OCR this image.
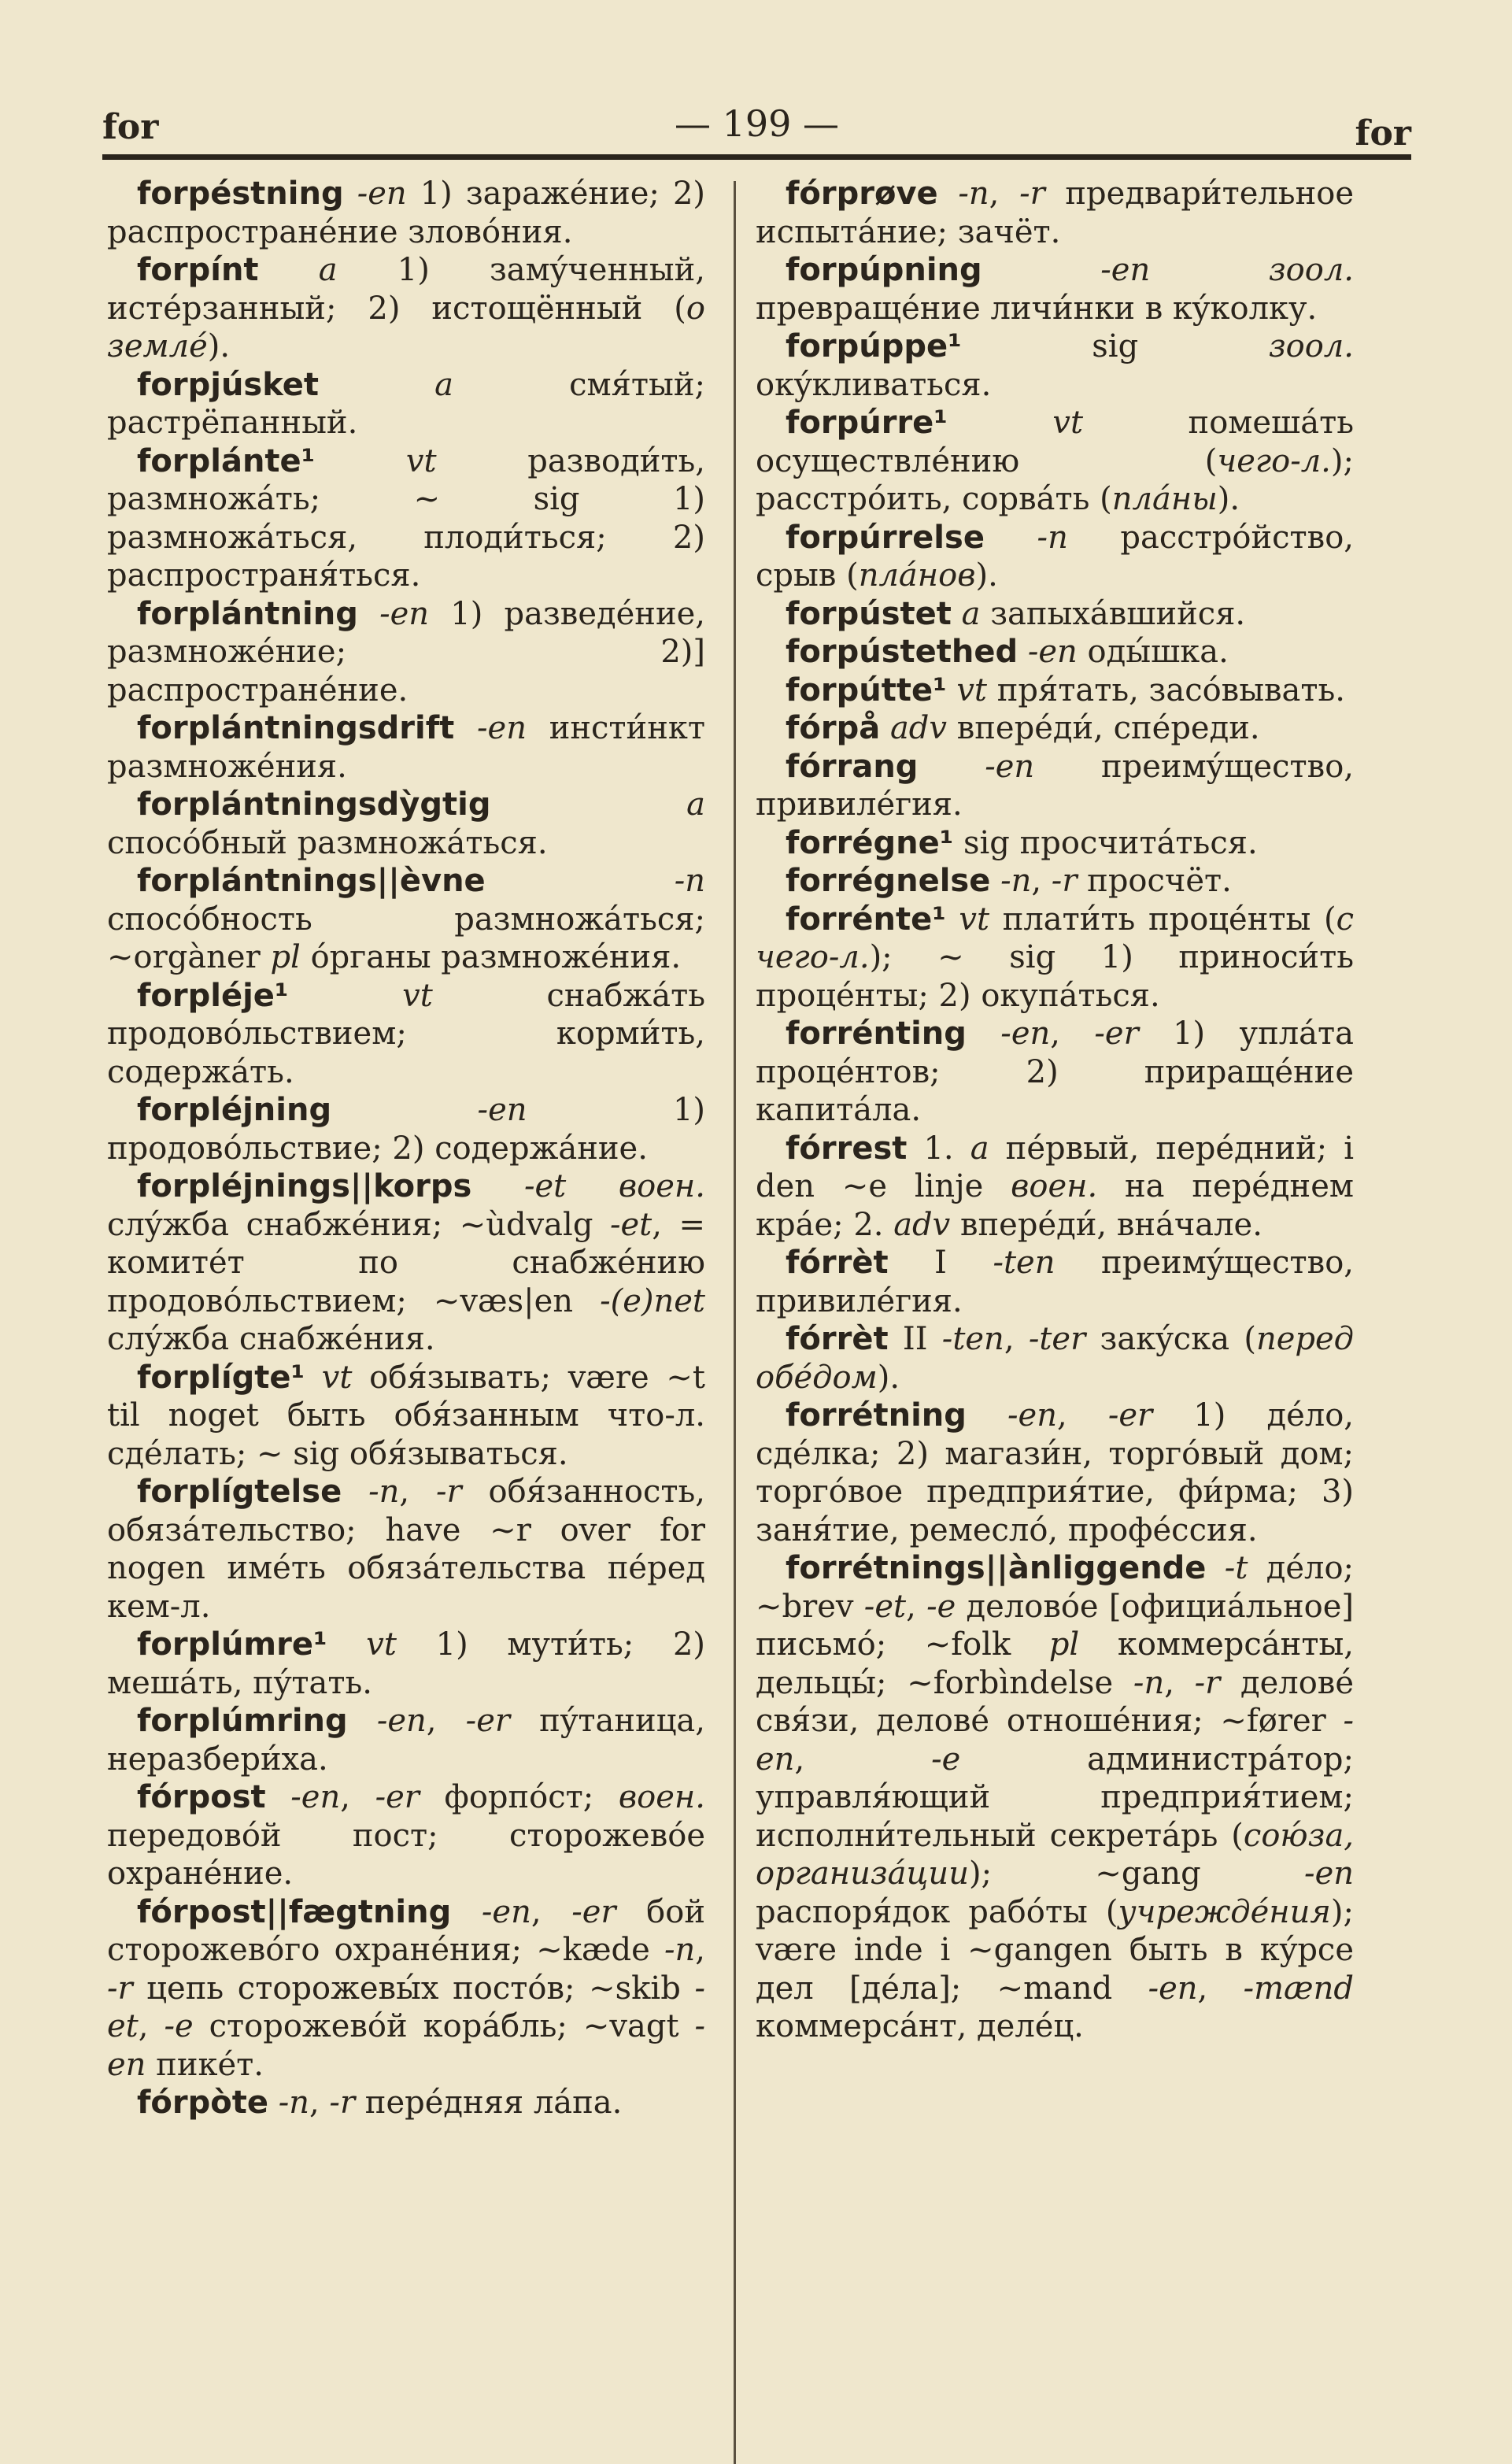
for	— 199 —	for

forpéstning -en 1) заражéние; 2) распространéние зловóния.

forpínt a 1) замýченный, истéрзанный; 2) истощённый (о землé).

forpjúsket	a смя́тый; растрёпанный.

forplánte¹	vt разводи́ть, размножáть; ~ sig 1) размножáться, плоди́ться; 2) распространя́ться.

forplántning -en 1) разведéние, размножéние; 2)] распространéние.

forplántningsdrift -en инсти́нкт размножéния.

forplántningsdỳgtig	a спосóбный размножáться.

forplántnings||èvne	-n спосóбность размножáться; ~orgàner pl óрганы размножéния.

forpléje¹	vt снабжáть продовóльствием; корми́ть, содержáть.

forpléjning	-en 1) продовóльствие; 2) содержáние.

forpléjnings||korps -et воен. слýжба снабжéния; ~ùdvalg -et, = комитéт по снабжéнию продовóльствием; ~væs|en -(e)net слýжба снабжéния.

forplígte¹ vt обя́зывать; være ~t til noget быть обя́занным что-л. сдéлать; ~ sig обя́зываться.

forplígtelse -n, -r обя́занность, обязáтельство; have ~r over for nogen имéть обязáтельства пéред кем-л.

forplúmre¹ vt 1) мути́ть; 2) мешáть, пýтать.

forplúmring -en, -er пýтаница, неразбери́ха.

fórpost -en, -er форпóст; воен. передовóй пост; сторожевóе охранéние.

fórpost||fægtning -en, -er бой сторожевóго охранéния; ~kæde -n, -r цепь сторожевы́х постóв; ~skib -et, -e сторожевóй корáбль; ~vagt -en пикéт.

fórpòte -n, -r перéдняя лáпа.

fórprøve -n, -r предвари́тельное испытáние; зачёт.

forpúpning	-en зоол. превращéние личи́нки в кýколку.

forpúppe¹ sig зоол. окýкливаться.

forpúrre¹	vt помешáть осуществлéнию (чего-л.); расстрóить, сорвáть (пла́ны).

forpúrrelse -n расстрóйство, срыв (плáнов).

forpústet a запыхáвшийся.

forpústethed -en оды́шка.

forpútte¹ vt пря́тать, засóвывать.

fórpå adv вперéди́, спéреди.

fórrang -en преимýщество, привилéгия.

forrégne¹ sig просчитáться.

forrégnelse -n, -r просчёт.

forrénte¹ vt плати́ть процéнты (с чего-л.); ~ sig 1) приноси́ть процéнты; 2) окупáться.

forrénting -en, -er 1) уплáта процéнтов; 2) приращéние капитáла.

fórrest 1. a пéрвый, перéдний; i den ~e linje воен. на перéднем крáе; 2. adv вперéди́, внáчале.

fórrèt I -ten преимýщество, привилéгия.

fórrèt II -ten, -ter закýска (перед обéдом).

forrétning -en, -er 1) дéло, сдéлка; 2) магази́н, торгóвый дом; торгóвое предприя́тие, фи́рма; 3) заня́тие, ремеслó, профéссия.

forrétnings||ànliggende -t дéло; ~brev -et, -e деловóе [официáльное] письмó; ~folk pl коммерсáнты, дельцы́; ~forbìndelse -n, -r делове́ свя́зи, делове́ отношéния; ~fører -en, -e администрáтор; управля́ющий предприя́тием; исполни́тельный секретáрь (сою́за, организáции); ~gang -en распоря́док рабóты (учреждéния); være inde i ~gangen быть в кýрсе дел [дéла]; ~mand -en, -mænd коммерсáнт, делéц.
